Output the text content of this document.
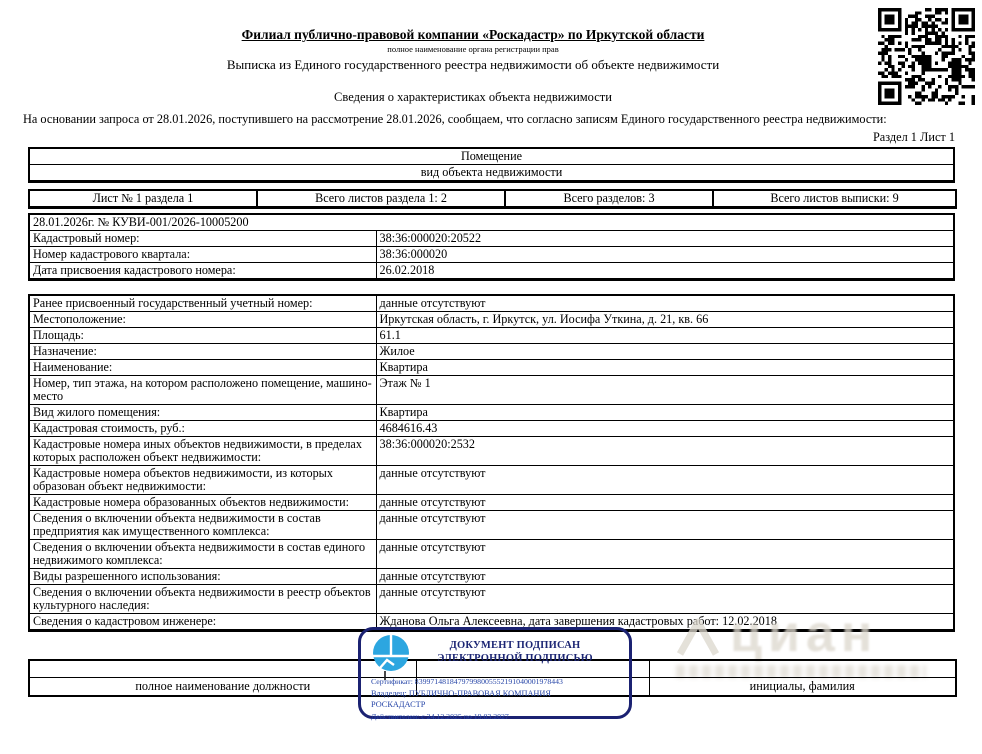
Филиал публично-правовой компании «Роскадастр» по Иркутской области
полное наименование органа регистрации прав
Выписка из Единого государственного реестра недвижимости об объекте недвижимости
Сведения о характеристиках объекта недвижимости
На основании запроса от 28.01.2026, поступившего на рассмотрение 28.01.2026, сообщаем, что согласно записям Единого государственного реестра недвижимости:
Раздел 1 Лист 1
Помещение
вид объекта недвижимости
Лист № 1 раздела 1	Всего листов раздела 1: 2	Всего разделов: 3	Всего листов выписки: 9
28.01.2026г. № КУВИ-001/2026-10005200	
Кадастровый номер:	38:36:000020:20522
Номер кадастрового квартала:	38:36:000020
Дата присвоения кадастрового номера:	26.02.2018
Ранее присвоенный государственный учетный номер:	данные отсутствуют
Местоположение:	Иркутская область, г. Иркутск, ул. Иосифа Уткина, д. 21, кв. 66
Площадь:	61.1
Назначение:	Жилое
Наименование:	Квартира
Номер, тип этажа, на котором расположено помещение, машино-место	Этаж № 1
Вид жилого помещения:	Квартира
Кадастровая стоимость, руб.:	4684616.43
Кадастровые номера иных объектов недвижимости, в пределах которых расположен объект недвижимости:	38:36:000020:2532
Кадастровые номера объектов недвижимости, из которых образован объект недвижимости:	данные отсутствуют
Кадастровые номера образованных объектов недвижимости:	данные отсутствуют
Сведения о включении объекта недвижимости в состав предприятия как имущественного комплекса:	данные отсутствуют
Сведения о включении объекта недвижимости в состав единого недвижимого комплекса:	данные отсутствуют
Виды разрешенного использования:	данные отсутствуют
Сведения о включении объекта недвижимости в реестр объектов культурного наследия:	данные отсутствуют
Сведения о кадастровом инженере:	Жданова Ольга Алексеевна, дата завершения кадастровых работ: 12.02.2018
циан

полное наименование должности		инициалы, фамилия
ДОКУМЕНТ ПОДПИСАН
ЭЛЕКТРОННОЙ ПОДПИСЬЮ
Сертификат: 83997148184797998005552191040001978443
Владелец: ПУБЛИЧНО-ПРАВОВАЯ КОМПАНИЯ
РОСКАДАСТР
Действителен: с 24.12.2025 по 19.03.2027
